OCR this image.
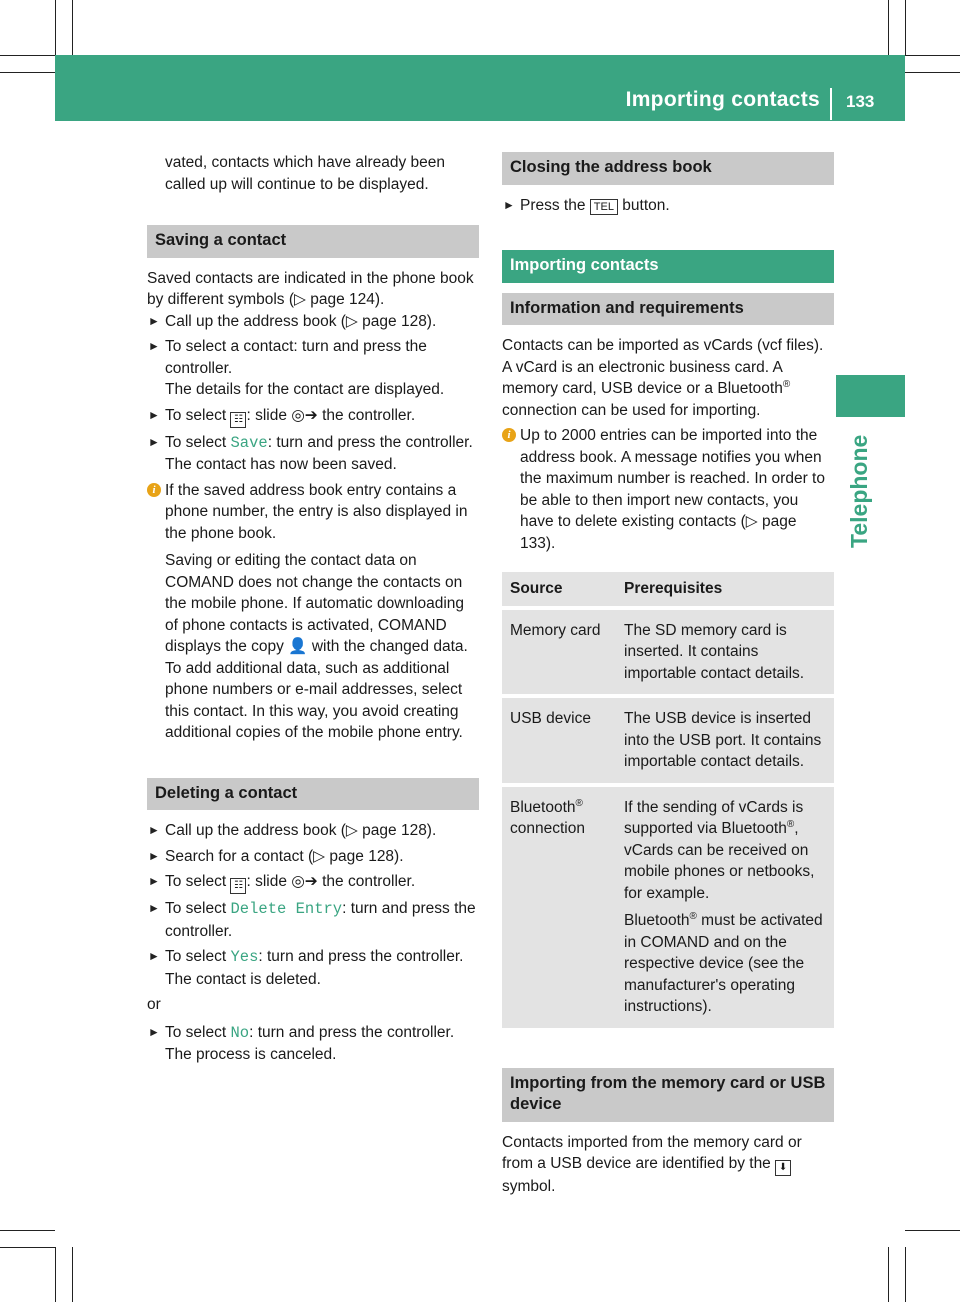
Importing contacts 133
Telephone

vated, contacts which have already been called up will continue to be displayed.

Saving a contact

Saved contacts are indicated in the phone book by different symbols (▷ page 124).

► Call up the address book (▷ page 128).
► To select a contact: turn and press the controller.
The details for the contact are displayed.
► To select ☷ : slide ◎➔ the controller.
► To select Save: turn and press the controller.
The contact has now been saved.
i If the saved address book entry contains a phone number, the entry is also displayed in the phone book.
Saving or editing the contact data on COMAND does not change the contacts on the mobile phone. If automatic downloading of phone contacts is activated, COMAND displays the copy 👤 with the changed data. To add additional data, such as additional phone numbers or e-mail addresses, select this contact. In this way, you avoid creating additional copies of the mobile phone entry.
Deleting a contact
► Call up the address book (▷ page 128).
► Search for a contact (▷ page 128).
► To select ☷ : slide ◎➔ the controller.
► To select Delete Entry: turn and press the controller.
► To select Yes: turn and press the controller.
The contact is deleted.

or

► To select No: turn and press the controller.
The process is canceled.
Closing the address book
► Press the TEL button.
Importing contacts
Information and requirements

Contacts can be imported as vCards (vcf files). A vCard is an electronic business card. A memory card, USB device or a Bluetooth® connection can be used for importing.

i Up to 2000 entries can be imported into the address book. A message notifies you when the maximum number is reached. In order to be able to then import new contacts, you have to delete existing contacts (▷ page 133).
Source	Prerequisites
Memory card	The SD memory card is inserted. It contains importable contact details.
USB device	The USB device is inserted into the USB port. It contains importable contact details.
Bluetooth®
connection	If the sending of vCards is supported via Bluetooth®, vCards can be received on mobile phones or netbooks, for example.
Bluetooth® must be activated in COMAND and on the respective device (see the manufacturer's operating instructions).
Importing from the memory card or USB device

Contacts imported from the memory card or from a USB device are identified by the ⬇ symbol.
